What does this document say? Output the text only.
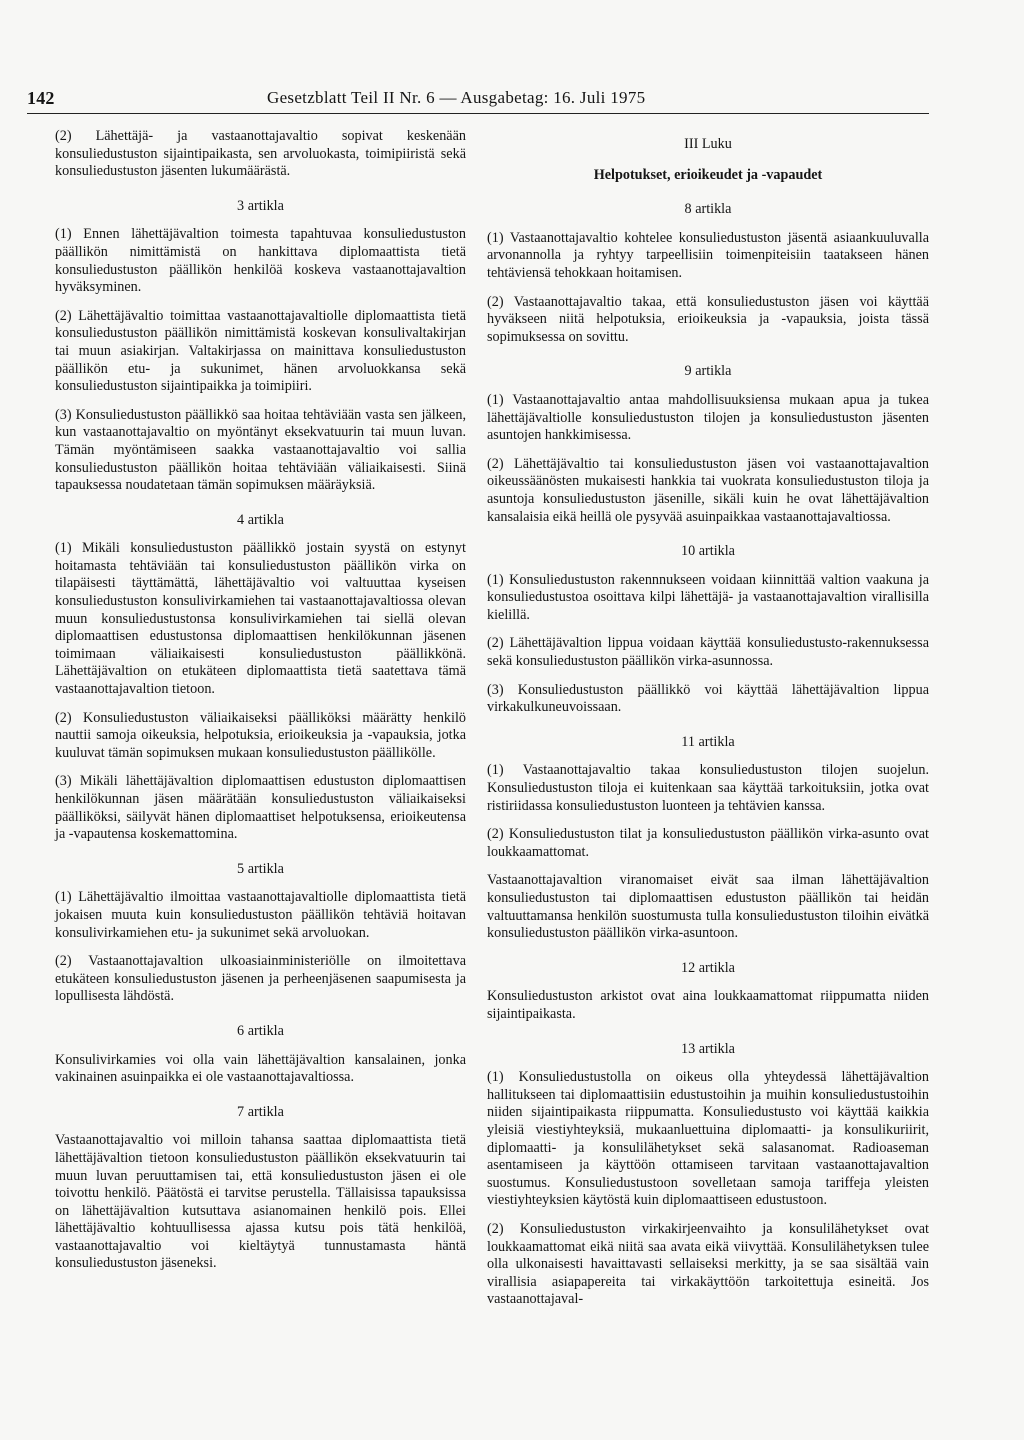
142	Gesetzblatt Teil II Nr. 6 — Ausgabetag: 16. Juli 1975

(2) Lähettäjä- ja vastaanottajavaltio sopivat keskenään konsuliedustuston sijaintipaikasta, sen arvoluokasta, toimipiiristä sekä konsuliedustuston jäsenten lukumäärästä.

3 artikla

(1) Ennen lähettäjävaltion toimesta tapahtuvaa konsuliedustuston päällikön nimittämistä on hankittava diplomaattista tietä konsuliedustuston päällikön henkilöä koskeva vastaanottajavaltion hyväksyminen.

(2) Lähettäjävaltio toimittaa vastaanottajavaltiolle diplomaattista tietä konsuliedustuston päällikön nimittämistä koskevan konsulivaltakirjan tai muun asiakirjan. Valtakirjassa on mainittava konsuliedustuston päällikön etu- ja sukunimet, hänen arvoluokkansa sekä konsuliedustuston sijaintipaikka ja toimipiiri.

(3) Konsuliedustuston päällikkö saa hoitaa tehtäviään vasta sen jälkeen, kun vastaanottajavaltio on myöntänyt eksekvatuurin tai muun luvan. Tämän myöntämiseen saakka vastaanottajavaltio voi sallia konsuliedustuston päällikön hoitaa tehtäviään väliaikaisesti. Siinä tapauksessa noudatetaan tämän sopimuksen määräyksiä.

4 artikla

(1) Mikäli konsuliedustuston päällikkö jostain syystä on estynyt hoitamasta tehtäviään tai konsuliedustuston päällikön virka on tilapäisesti täyttämättä, lähettäjävaltio voi valtuuttaa kyseisen konsuliedustuston konsulivirkamiehen tai vastaanottajavaltiossa olevan muun konsuliedustustonsa konsulivirkamiehen tai siellä olevan diplomaattisen edustustonsa diplomaattisen henkilökunnan jäsenen toimimaan väliaikaisesti konsuliedustuston päällikkönä. Lähettäjävaltion on etukäteen diplomaattista tietä saatettava tämä vastaanottajavaltion tietoon.

(2) Konsuliedustuston väliaikaiseksi päälliköksi määrätty henkilö nauttii samoja oikeuksia, helpotuksia, erioikeuksia ja -vapauksia, jotka kuuluvat tämän sopimuksen mukaan konsuliedustuston päällikölle.

(3) Mikäli lähettäjävaltion diplomaattisen edustuston diplomaattisen henkilökunnan jäsen määrätään konsuliedustuston väliaikaiseksi päälliköksi, säilyvät hänen diplomaattiset helpotuksensa, erioikeutensa ja -vapautensa koskemattomina.

5 artikla

(1) Lähettäjävaltio ilmoittaa vastaanottajavaltiolle diplomaattista tietä jokaisen muuta kuin konsuliedustuston päällikön tehtäviä hoitavan konsulivirkamiehen etu- ja sukunimet sekä arvoluokan.

(2) Vastaanottajavaltion ulkoasiainministeriölle on ilmoitettava etukäteen konsuliedustuston jäsenen ja perheenjäsenen saapumisesta ja lopullisesta lähdöstä.

6 artikla

Konsulivirkamies voi olla vain lähettäjävaltion kansalainen, jonka vakinainen asuinpaikka ei ole vastaanottajavaltiossa.

7 artikla

Vastaanottajavaltio voi milloin tahansa saattaa diplomaattista tietä lähettäjävaltion tietoon konsuliedustuston päällikön eksekvatuurin tai muun luvan peruuttamisen tai, että konsuliedustuston jäsen ei ole toivottu henkilö. Päätöstä ei tarvitse perustella. Tällaisissa tapauksissa on lähettäjävaltion kutsuttava asianomainen henkilö pois. Ellei lähettäjävaltio kohtuullisessa ajassa kutsu pois tätä henkilöä, vastaanottajavaltio voi kieltäytyä tunnustamasta häntä konsuliedustuston jäseneksi.

III Luku
Helpotukset, erioikeudet ja -vapaudet
8 artikla

(1) Vastaanottajavaltio kohtelee konsuliedustuston jäsentä asiaankuuluvalla arvonannolla ja ryhtyy tarpeellisiin toimenpiteisiin taatakseen hänen tehtäviensä tehokkaan hoitamisen.

(2) Vastaanottajavaltio takaa, että konsuliedustuston jäsen voi käyttää hyväkseen niitä helpotuksia, erioikeuksia ja -vapauksia, joista tässä sopimuksessa on sovittu.

9 artikla

(1) Vastaanottajavaltio antaa mahdollisuuksiensa mukaan apua ja tukea lähettäjävaltiolle konsuliedustuston tilojen ja konsuliedustuston jäsenten asuntojen hankkimisessa.

(2) Lähettäjävaltio tai konsuliedustuston jäsen voi vastaanottajavaltion oikeussäänösten mukaisesti hankkia tai vuokrata konsuliedustuston tiloja ja asuntoja konsuliedustuston jäsenille, sikäli kuin he ovat lähettäjävaltion kansalaisia eikä heillä ole pysyvää asuinpaikkaa vastaanottajavaltiossa.

10 artikla

(1) Konsuliedustuston rakennnukseen voidaan kiinnittää valtion vaakuna ja konsuliedustustoa osoittava kilpi lähettäjä- ja vastaanottajavaltion virallisilla kielillä.

(2) Lähettäjävaltion lippua voidaan käyttää konsuliedustusto-rakennuksessa sekä konsuliedustuston päällikön virka-asunnossa.

(3) Konsuliedustuston päällikkö voi käyttää lähettäjävaltion lippua virkakulkuneuvoissaan.

11 artikla

(1) Vastaanottajavaltio takaa konsuliedustuston tilojen suojelun. Konsuliedustuston tiloja ei kuitenkaan saa käyttää tarkoituksiin, jotka ovat ristiriidassa konsuliedustuston luonteen ja tehtävien kanssa.

(2) Konsuliedustuston tilat ja konsuliedustuston päällikön virka-asunto ovat loukkaamattomat.

Vastaanottajavaltion viranomaiset eivät saa ilman lähettäjävaltion konsuliedustuston tai diplomaattisen edustuston päällikön tai heidän valtuuttamansa henkilön suostumusta tulla konsuliedustuston tiloihin eivätkä konsuliedustuston päällikön virka-asuntoon.

12 artikla

Konsuliedustuston arkistot ovat aina loukkaamattomat riippumatta niiden sijaintipaikasta.

13 artikla

(1) Konsuliedustustolla on oikeus olla yhteydessä lähettäjävaltion hallitukseen tai diplomaattisiin edustustoihin ja muihin konsuliedustustoihin niiden sijaintipaikasta riippumatta. Konsuliedustusto voi käyttää kaikkia yleisiä viestiyhteyksiä, mukaanluettuina diplomaatti- ja konsulikuriirit, diplomaatti- ja konsulilähetykset sekä salasanomat. Radioaseman asentamiseen ja käyttöön ottamiseen tarvitaan vastaanottajavaltion suostumus. Konsuliedustustoon sovelletaan samoja tariffeja yleisten viestiyhteyksien käytöstä kuin diplomaattiseen edustustoon.

(2) Konsuliedustuston virkakirjeenvaihto ja konsulilähetykset ovat loukkaamattomat eikä niitä saa avata eikä viivyttää. Konsulilähetyksen tulee olla ulkonaisesti havaittavasti sellaiseksi merkitty, ja se saa sisältää vain virallisia asiapapereita tai virkakäyttöön tarkoitettuja esineitä. Jos vastaanottajaval-
